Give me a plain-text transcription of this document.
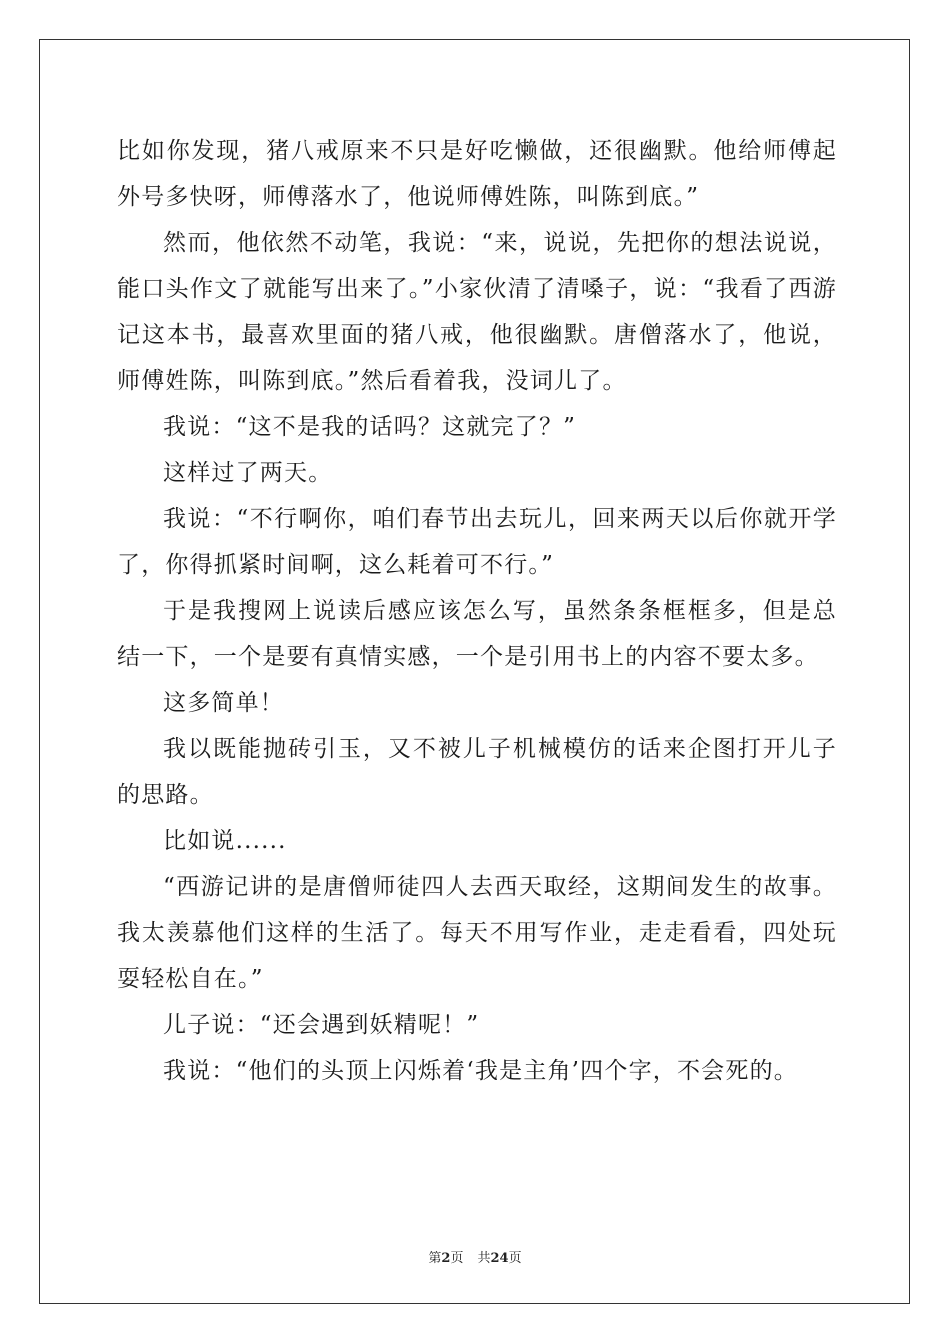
比如你发现，猪八戒原来不只是好吃懒做，还很幽默。他给师傅起外号多快呀，师傅落水了，他说师傅姓陈，叫陈到底。”

然而，他依然不动笔，我说：“来，说说，先把你的想法说说，能口头作文了就能写出来了。”小家伙清了清嗓子，说：“我看了西游记这本书，最喜欢里面的猪八戒，他很幽默。唐僧落水了，他说，师傅姓陈，叫陈到底。”然后看着我，没词儿了。

我说：“这不是我的话吗？这就完了？”

这样过了两天。

我说：“不行啊你，咱们春节出去玩儿，回来两天以后你就开学了，你得抓紧时间啊，这么耗着可不行。”

于是我搜网上说读后感应该怎么写，虽然条条框框多，但是总结一下，一个是要有真情实感，一个是引用书上的内容不要太多。

这多简单！

我以既能抛砖引玉，又不被儿子机械模仿的话来企图打开儿子的思路。

比如说......

“西游记讲的是唐僧师徒四人去西天取经，这期间发生的故事。我太羡慕他们这样的生活了。每天不用写作业，走走看看，四处玩耍轻松自在。”

儿子说：“还会遇到妖精呢！”

我说：“他们的头顶上闪烁着‘我是主角’四个字，不会死的。

第2页 共24页
